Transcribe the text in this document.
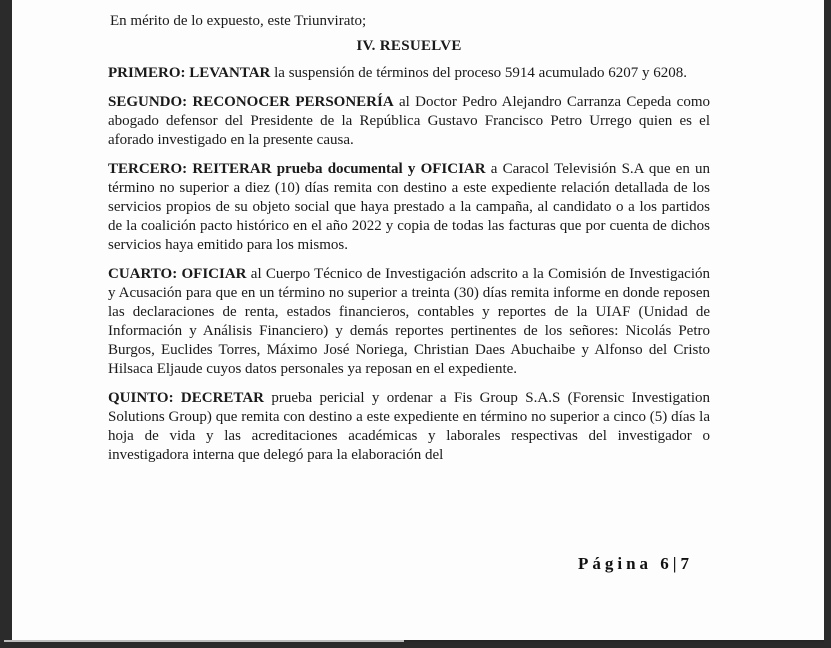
En mérito de lo expuesto, este Triunvirato;

IV. RESUELVE

PRIMERO: LEVANTAR la suspensión de términos del proceso 5914 acumulado 6207 y 6208.

SEGUNDO: RECONOCER PERSONERÍA al Doctor Pedro Alejandro Carranza Cepeda como abogado defensor del Presidente de la República Gustavo Francisco Petro Urrego quien es el aforado investigado en la presente causa.

TERCERO: REITERAR prueba documental y OFICIAR a Caracol Televisión S.A que en un término no superior a diez (10) días remita con destino a este expediente relación detallada de los servicios propios de su objeto social que haya prestado a la campaña, al candidato o a los partidos de la coalición pacto histórico en el año 2022 y copia de todas las facturas que por cuenta de dichos servicios haya emitido para los mismos.

CUARTO: OFICIAR al Cuerpo Técnico de Investigación adscrito a la Comisión de Investigación y Acusación para que en un término no superior a treinta (30) días remita informe en donde reposen las declaraciones de renta, estados financieros, contables y reportes de la UIAF (Unidad de Información y Análisis Financiero) y demás reportes pertinentes de los señores: Nicolás Petro Burgos, Euclides Torres, Máximo José Noriega, Christian Daes Abuchaibe y Alfonso del Cristo Hilsaca Eljaude cuyos datos personales ya reposan en el expediente.

QUINTO: DECRETAR prueba pericial y ordenar a Fis Group S.A.S (Forensic Investigation Solutions Group) que remita con destino a este expediente en término no superior a cinco (5) días la hoja de vida y las acreditaciones académicas y laborales respectivas del investigador o investigadora interna que delegó para la elaboración del

Página 6|7
